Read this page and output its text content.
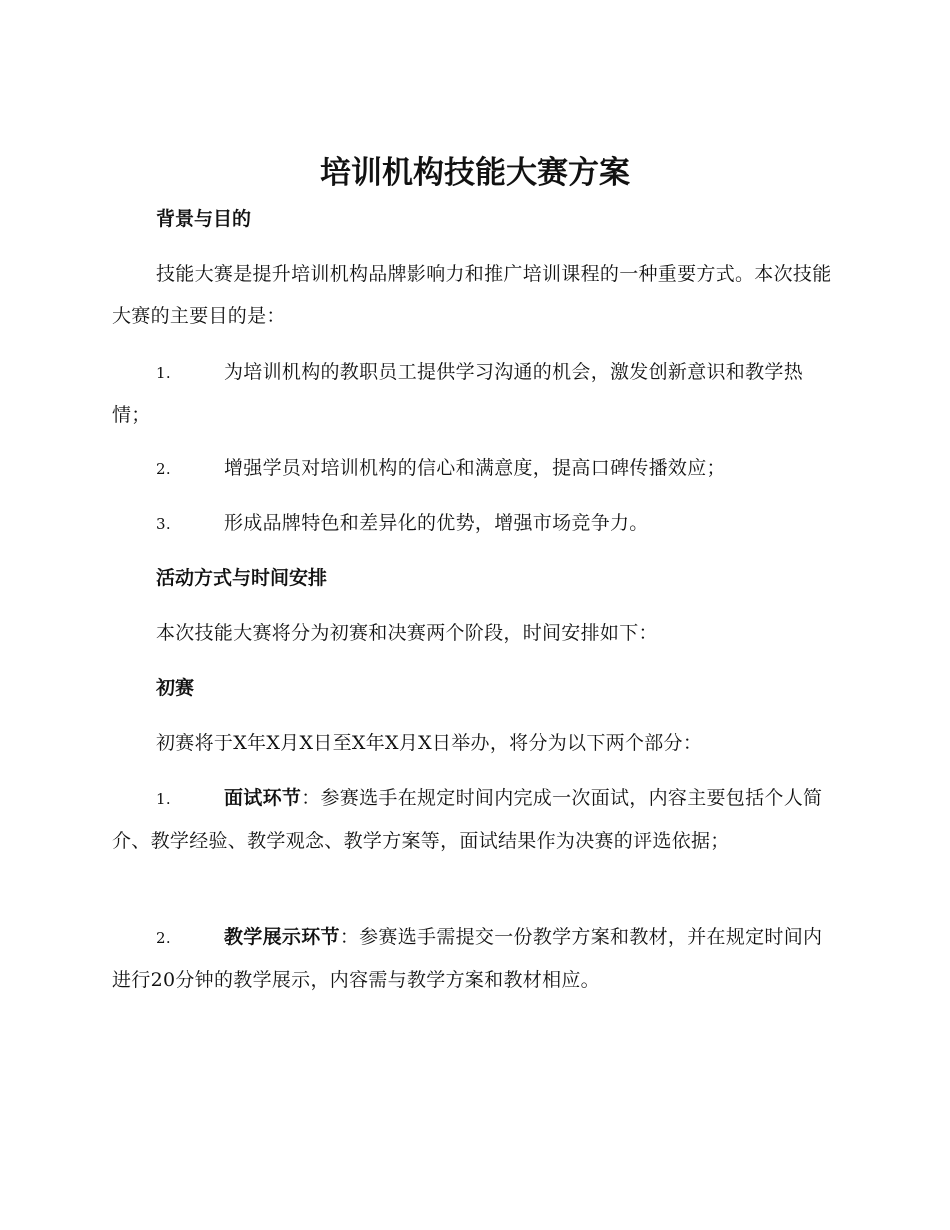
培训机构技能大赛方案
背景与目的

技能大赛是提升培训机构品牌影响力和推广培训课程的一种重要方式。本次技能大赛的主要目的是：

1.	为培训机构的教职员工提供学习沟通的机会，激发创新意识和教学热情；

2.	增强学员对培训机构的信心和满意度，提高口碑传播效应；

3.	形成品牌特色和差异化的优势，增强市场竞争力。

活动方式与时间安排

本次技能大赛将分为初赛和决赛两个阶段，时间安排如下：

初赛

初赛将于X年X月X日至X年X月X日举办，将分为以下两个部分：

1.	面试环节：参赛选手在规定时间内完成一次面试，内容主要包括个人简介、教学经验、教学观念、教学方案等，面试结果作为决赛的评选依据；

2.	教学展示环节：参赛选手需提交一份教学方案和教材，并在规定时间内进行20分钟的教学展示，内容需与教学方案和教材相应。
